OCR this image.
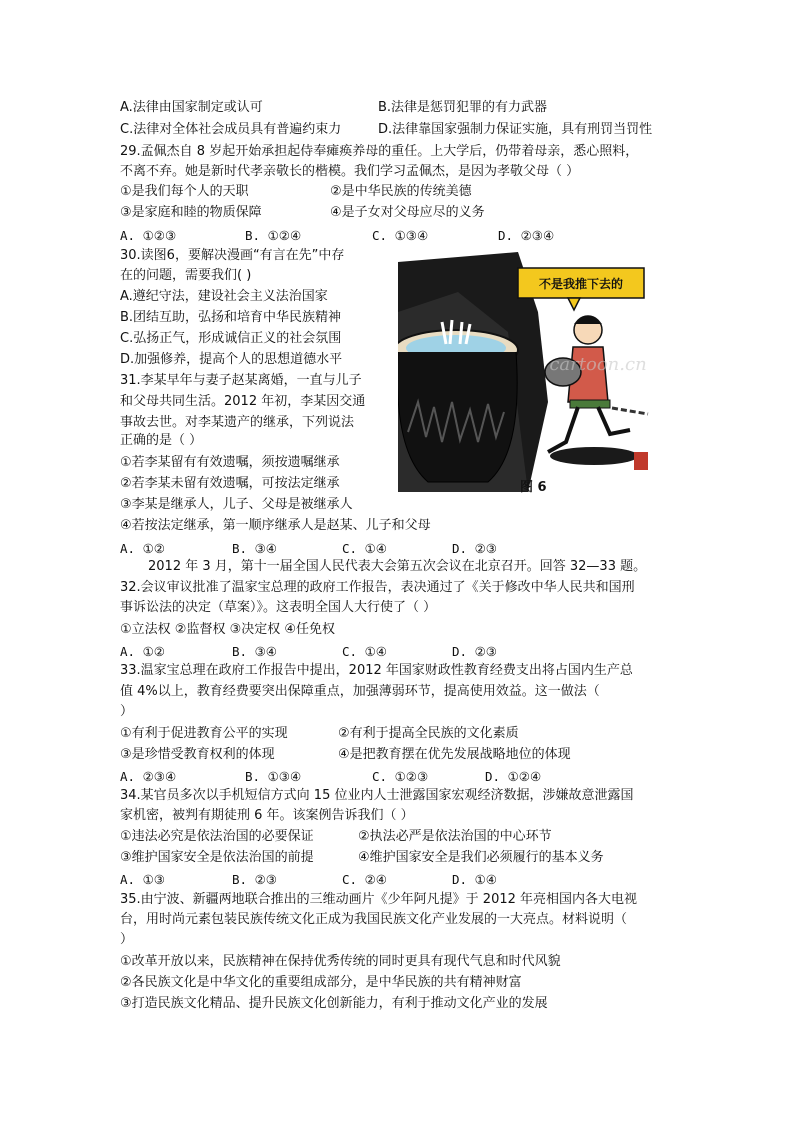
A.法律由国家制定或认可	B.法律是惩罚犯罪的有力武器
C.法律对全体社会成员具有普遍约束力	D.法律靠国家强制力保证实施，具有刑罚当罚性
29.孟佩杰自 8 岁起开始承担起侍奉瘫痪养母的重任。上大学后，仍带着母亲，悉心照料，
不离不弃。她是新时代孝亲敬长的楷模。我们学习孟佩杰，是因为孝敬父母（ ）
①是我们每个人的天职	②是中华民族的传统美德
③是家庭和睦的物质保障	④是子女对父母应尽的义务
A. ①②③	B. ①②④	C. ①③④	D. ②③④
30.读图6，要解决漫画“有言在先”中存
在的问题，需要我们( )
A.遵纪守法，建设社会主义法治国家
B.团结互助，弘扬和培育中华民族精神
C.弘扬正气，形成诚信正义的社会氛围
D.加强修养，提高个人的思想道德水平
不是我推下去的
cartoon.cn
图 6
31.李某早年与妻子赵某离婚，一直与儿子
和父母共同生活。2012 年初，李某因交通
事故去世。对李某遗产的继承，下列说法
正确的是（ ）
①若李某留有有效遗嘱，须按遗嘱继承
②若李某未留有效遗嘱，可按法定继承
③李某是继承人，儿子、父母是被继承人
④若按法定继承，第一顺序继承人是赵某、儿子和父母
A. ①②	B. ③④	C. ①④	D. ②③
2012 年 3 月，第十一届全国人民代表大会第五次会议在北京召开。回答 32—33 题。
32.会议审议批准了温家宝总理的政府工作报告，表决通过了《关于修改中华人民共和国刑
事诉讼法的决定（草案）》。这表明全国人大行使了（ ）
①立法权 ②监督权 ③决定权 ④任免权
A. ①②	B. ③④	C. ①④	D. ②③
33.温家宝总理在政府工作报告中提出，2012 年国家财政性教育经费支出将占国内生产总
值 4%以上，教育经费要突出保障重点，加强薄弱环节，提高使用效益。这一做法（
）
①有利于促进教育公平的实现	②有利于提高全民族的文化素质
③是珍惜受教育权利的体现	④是把教育摆在优先发展战略地位的体现
A. ②③④	B. ①③④	C. ①②③	D. ①②④
34.某官员多次以手机短信方式向 15 位业内人士泄露国家宏观经济数据，涉嫌故意泄露国
家机密，被判有期徒刑 6 年。该案例告诉我们（ ）
①违法必究是依法治国的必要保证	②执法必严是依法治国的中心环节
③维护国家安全是依法治国的前提	④维护国家安全是我们必须履行的基本义务
A. ①③	B. ②③	C. ②④	D. ①④
35.由宁波、新疆两地联合推出的三维动画片《少年阿凡提》于 2012 年亮相国内各大电视
台，用时尚元素包装民族传统文化正成为我国民族文化产业发展的一大亮点。材料说明（
）
①改革开放以来，民族精神在保持优秀传统的同时更具有现代气息和时代风貌
②各民族文化是中华文化的重要组成部分，是中华民族的共有精神财富
③打造民族文化精品、提升民族文化创新能力，有利于推动文化产业的发展
